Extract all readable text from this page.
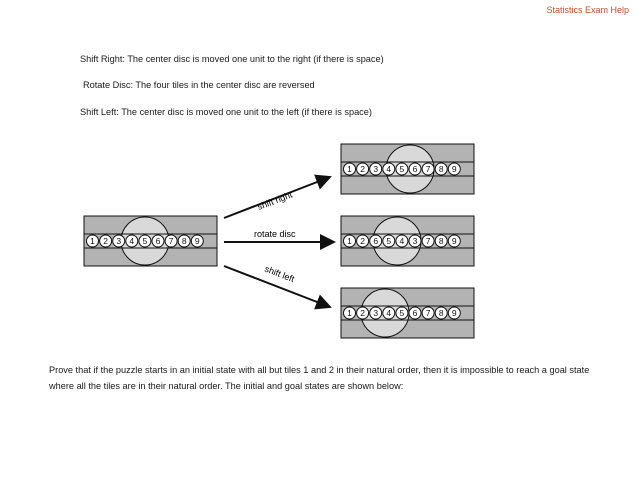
Statistics Exam Help
Shift Right: The center disc is moved one unit to the right (if there is space)
Rotate Disc: The four tiles in the center disc are reversed
Shift Left: The center disc is moved one unit to the left (if there is space)
1 2 3 4 5 6 7 8 9
1 2 3 4 5 6 7 8 9
1 2 6 5 4 3 7 8 9
1 2 3 4 5 6 7 8 9
shift right
rotate disc
shift left
Prove that if the puzzle starts in an initial state with all but tiles 1 and 2 in their natural order, then it is impossible to reach a goal state where all the tiles are in their natural order. The initial and goal states are shown below:
